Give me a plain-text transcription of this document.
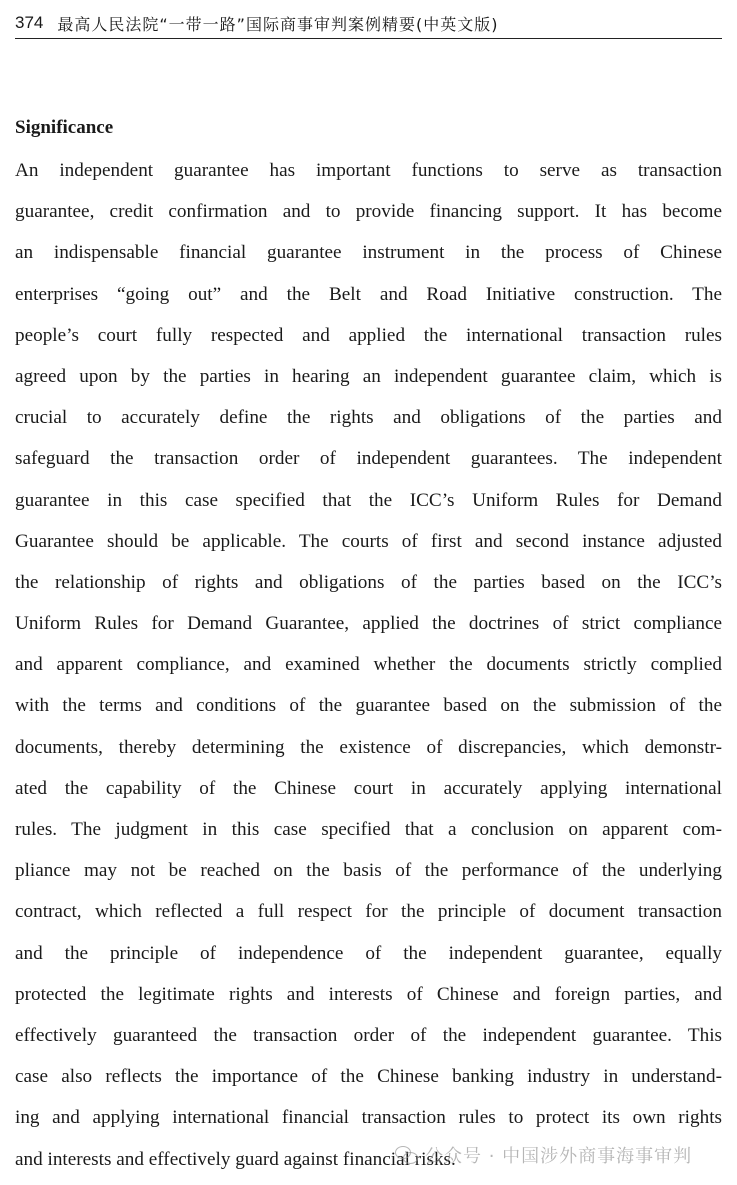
374 最高人民法院“一带一路”国际商事审判案例精要(中英文版)
Significance
An independent guarantee has important functions to serve as transaction
guarantee, credit confirmation and to provide financing support. It has become
an indispensable financial guarantee instrument in the process of Chinese
enterprises “going out” and the Belt and Road Initiative construction. The
people’s court fully respected and applied the international transaction rules
agreed upon by the parties in hearing an independent guarantee claim, which is
crucial to accurately define the rights and obligations of the parties and
safeguard the transaction order of independent guarantees. The independent
guarantee in this case specified that the ICC’s Uniform Rules for Demand
Guarantee should be applicable. The courts of first and second instance adjusted
the relationship of rights and obligations of the parties based on the ICC’s
Uniform Rules for Demand Guarantee, applied the doctrines of strict compliance
and apparent compliance, and examined whether the documents strictly complied
with the terms and conditions of the guarantee based on the submission of the
documents, thereby determining the existence of discrepancies, which demonstr-
ated the capability of the Chinese court in accurately applying international
rules. The judgment in this case specified that a conclusion on apparent com-
pliance may not be reached on the basis of the performance of the underlying
contract, which reflected a full respect for the principle of document transaction
and the principle of independence of the independent guarantee, equally
protected the legitimate rights and interests of Chinese and foreign parties, and
effectively guaranteed the transaction order of the independent guarantee. This
case also reflects the importance of the Chinese banking industry in understand-
ing and applying international financial transaction rules to protect its own rights
and interests and effectively guard against financial risks.
公众号 · 中国涉外商事海事审判
